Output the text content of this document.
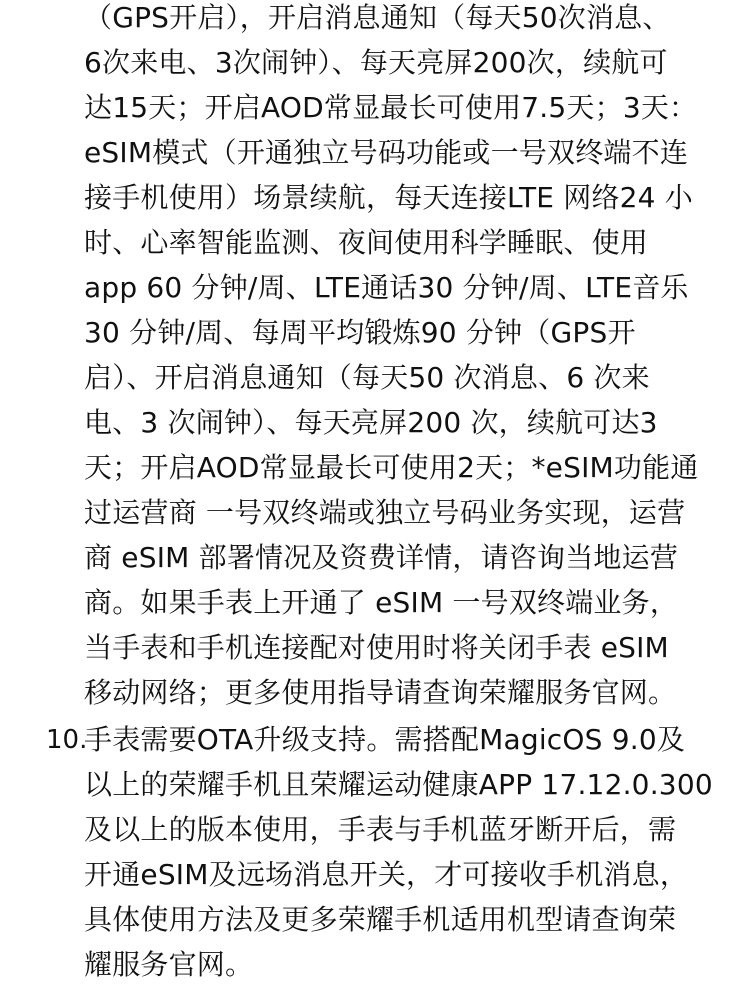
（GPS开启），开启消息通知（每天50次消息、
6次来电、3次闹钟）、每天亮屏200次，续航可
达15天；开启AOD常显最长可使用7.5天；3天：
eSIM模式（开通独立号码功能或一号双终端不连
接手机使用）场景续航，每天连接LTE 网络24 小
时、心率智能监测、夜间使用科学睡眠、使用
app 60 分钟/周、LTE通话30 分钟/周、LTE音乐
30 分钟/周、每周平均锻炼90 分钟（GPS开
启）、开启消息通知（每天50 次消息、6 次来
电、3 次闹钟）、每天亮屏200 次，续航可达3
天；开启AOD常显最长可使用2天；*eSIM功能通
过运营商 一号双终端或独立号码业务实现，运营
商 eSIM 部署情况及资费详情，请咨询当地运营
商。如果手表上开通了 eSIM 一号双终端业务，
当手表和手机连接配对使用时将关闭手表 eSIM
移动网络；更多使用指导请查询荣耀服务官网。
10.
手表需要OTA升级支持。需搭配MagicOS 9.0及
以上的荣耀手机且荣耀运动健康APP 17.12.0.300
及以上的版本使用，手表与手机蓝牙断开后，需
开通eSIM及远场消息开关，才可接收手机消息，
具体使用方法及更多荣耀手机适用机型请查询荣
耀服务官网。
